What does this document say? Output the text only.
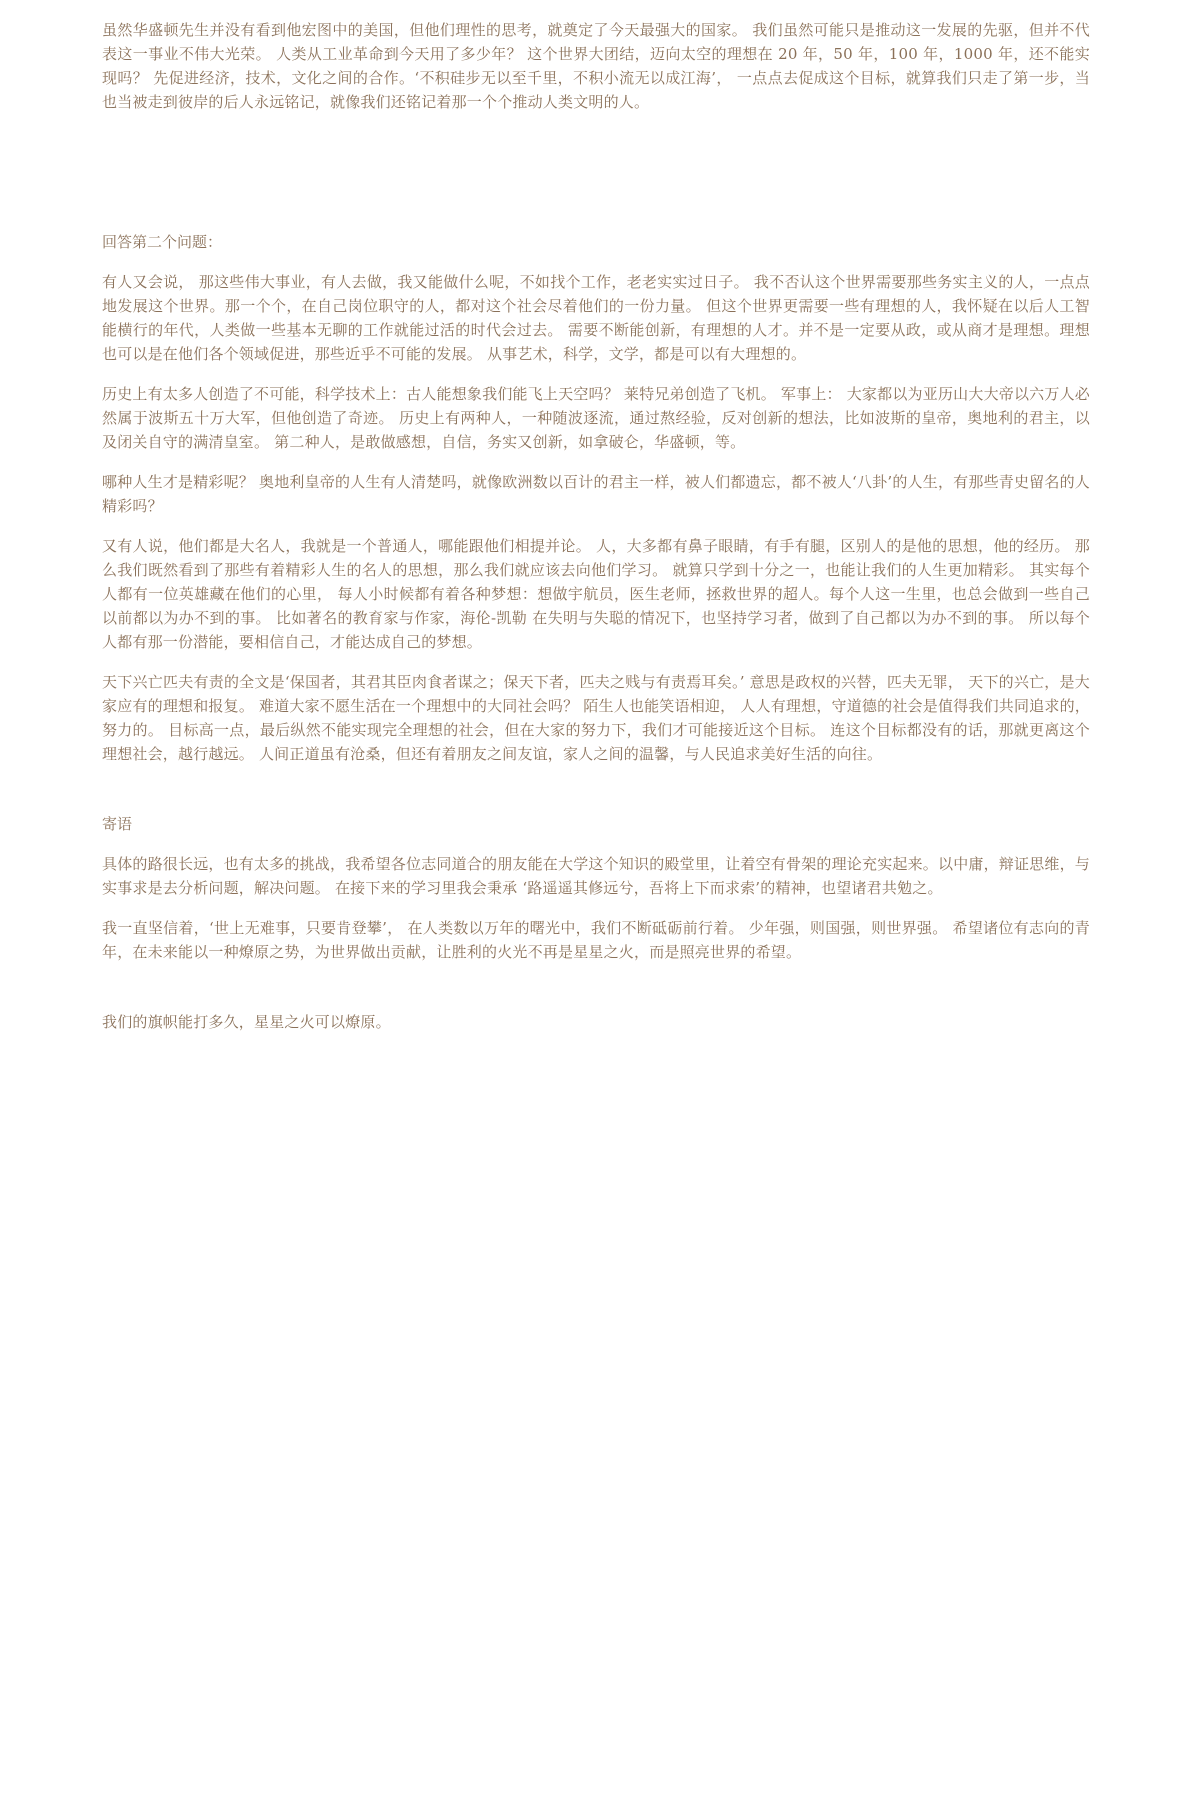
虽然华盛顿先生并没有看到他宏图中的美国，但他们理性的思考，就奠定了今天最强大的国家。 我们虽然可能只是推动这一发展的先驱，但并不代表这一事业不伟大光荣。 人类从工业革命到今天用了多少年？ 这个世界大团结，迈向太空的理想在 20 年，50 年，100 年，1000 年，还不能实现吗？ 先促进经济，技术，文化之间的合作。‘不积硅步无以至千里，不积小流无以成江海’， 一点点去促成这个目标，就算我们只走了第一步，当也当被走到彼岸的后人永远铭记，就像我们还铭记着那一个个推动人类文明的人。

回答第二个问题：

有人又会说， 那这些伟大事业，有人去做，我又能做什么呢，不如找个工作，老老实实过日子。 我不否认这个世界需要那些务实主义的人，一点点地发展这个世界。那一个个，在自己岗位职守的人，都对这个社会尽着他们的一份力量。 但这个世界更需要一些有理想的人，我怀疑在以后人工智能横行的年代，人类做一些基本无聊的工作就能过活的时代会过去。 需要不断能创新，有理想的人才。并不是一定要从政，或从商才是理想。理想也可以是在他们各个领域促进，那些近乎不可能的发展。 从事艺术，科学，文学，都是可以有大理想的。

历史上有太多人创造了不可能，科学技术上：古人能想象我们能飞上天空吗？ 莱特兄弟创造了飞机。 军事上： 大家都以为亚历山大大帝以六万人必然属于波斯五十万大军，但他创造了奇迹。 历史上有两种人，一种随波逐流，通过熬经验，反对创新的想法，比如波斯的皇帝，奥地利的君主，以及闭关自守的满清皇室。 第二种人，是敢做感想，自信，务实又创新，如拿破仑，华盛顿，等。

哪种人生才是精彩呢？ 奥地利皇帝的人生有人清楚吗，就像欧洲数以百计的君主一样，被人们都遗忘，都不被人‘八卦’的人生，有那些青史留名的人精彩吗？

又有人说，他们都是大名人，我就是一个普通人，哪能跟他们相提并论。 人，大多都有鼻子眼睛，有手有腿，区别人的是他的思想，他的经历。 那么我们既然看到了那些有着精彩人生的名人的思想，那么我们就应该去向他们学习。 就算只学到十分之一，也能让我们的人生更加精彩。 其实每个人都有一位英雄藏在他们的心里， 每人小时候都有着各种梦想：想做宇航员，医生老师，拯救世界的超人。每个人这一生里，也总会做到一些自己以前都以为办不到的事。 比如著名的教育家与作家，海伦-凯勒 在失明与失聪的情况下，也坚持学习者，做到了自己都以为办不到的事。 所以每个人都有那一份潜能，要相信自己，才能达成自己的梦想。

天下兴亡匹夫有责的全文是‘保国者，其君其臣肉食者谋之；保天下者，匹夫之贱与有责焉耳矣。’ 意思是政权的兴替，匹夫无罪， 天下的兴亡，是大家应有的理想和报复。 难道大家不愿生活在一个理想中的大同社会吗？ 陌生人也能笑语相迎， 人人有理想，守道德的社会是值得我们共同追求的，努力的。 目标高一点，最后纵然不能实现完全理想的社会，但在大家的努力下，我们才可能接近这个目标。 连这个目标都没有的话，那就更离这个理想社会，越行越远。 人间正道虽有沧桑，但还有着朋友之间友谊，家人之间的温馨，与人民追求美好生活的向往。

寄语

具体的路很长远，也有太多的挑战，我希望各位志同道合的朋友能在大学这个知识的殿堂里，让着空有骨架的理论充实起来。以中庸，辩证思维，与实事求是去分析问题，解决问题。 在接下来的学习里我会秉承 ‘路遥遥其修远兮，吾将上下而求索’的精神，也望诸君共勉之。

我一直坚信着，‘世上无难事，只要肯登攀’， 在人类数以万年的曙光中，我们不断砥砺前行着。 少年强，则国强，则世界强。 希望诸位有志向的青年，在未来能以一种燎原之势，为世界做出贡献，让胜利的火光不再是星星之火，而是照亮世界的希望。

我们的旗帜能打多久，星星之火可以燎原。
